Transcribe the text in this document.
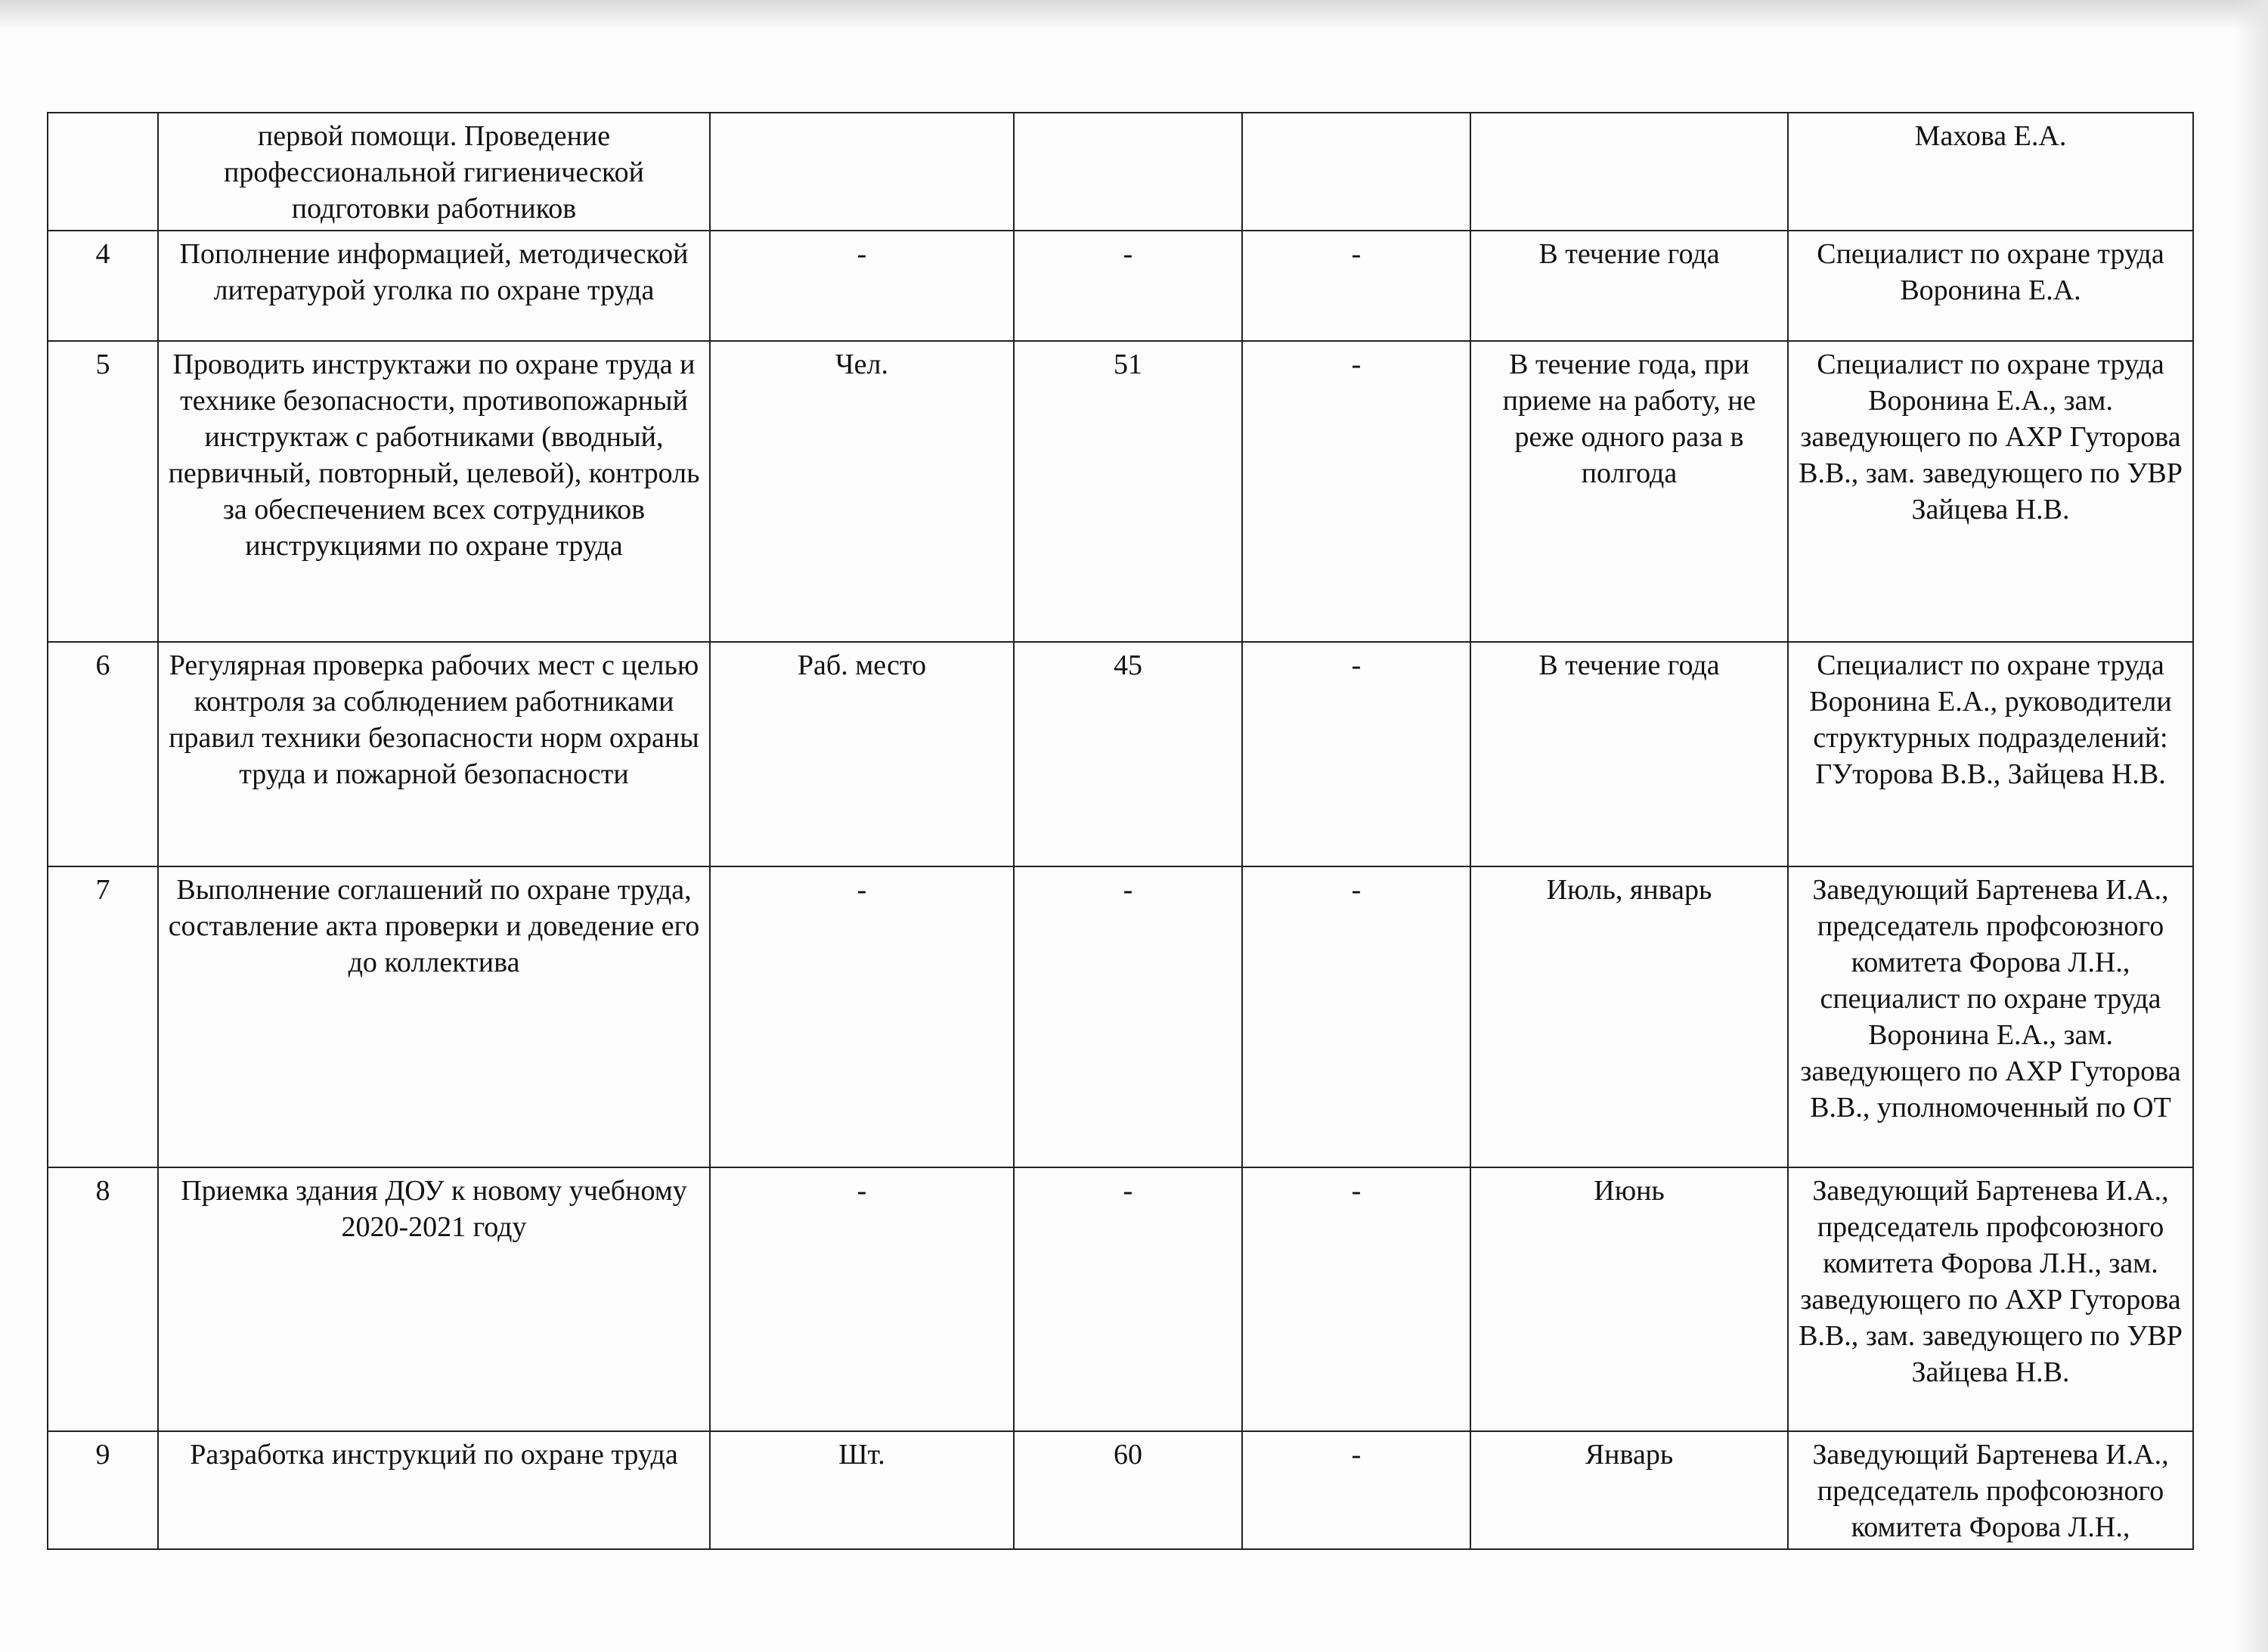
	первой помощи. Проведение профессиональной гигиенической подготовки работников					Махова Е.А.
4	Пополнение информацией, методической литературой уголка по охране труда	-	-	-	В течение года	Специалист по охране труда Воронина Е.А.
5	Проводить инструктажи по охране труда и технике безопасности, противопожарный инструктаж с работниками (вводный, первичный, повторный, целевой), контроль за обеспечением всех сотрудников инструкциями по охране труда	Чел.	51	-	В течение года, при приеме на работу, не реже одного раза в полгода	Специалист по охране труда Воронина Е.А., зам. заведующего по АХР Гуторова В.В., зам. заведующего по УВР Зайцева Н.В.
6	Регулярная проверка рабочих мест с целью контроля за соблюдением работниками правил техники безопасности норм охраны труда и пожарной безопасности	Раб. место	45	-	В течение года	Специалист по охране труда Воронина Е.А., руководители структурных подразделений: ГУторова В.В., Зайцева Н.В.
7	Выполнение соглашений по охране труда, составление акта проверки и доведение его до коллектива	-	-	-	Июль, январь	Заведующий Бартенева И.А., председатель профсоюзного комитета Форова Л.Н., специалист по охране труда Воронина Е.А., зам. заведующего по АХР Гуторова В.В., уполномоченный по ОТ
8	Приемка здания ДОУ к новому учебному 2020-2021 году	-	-	-	Июнь	Заведующий Бартенева И.А., председатель профсоюзного комитета Форова Л.Н., зам. заведующего по АХР Гуторова В.В., зам. заведующего по УВР Зайцева Н.В.
9	Разработка инструкций по охране труда	Шт.	60	-	Январь	Заведующий Бартенева И.А., председатель профсоюзного комитета Форова Л.Н.,
